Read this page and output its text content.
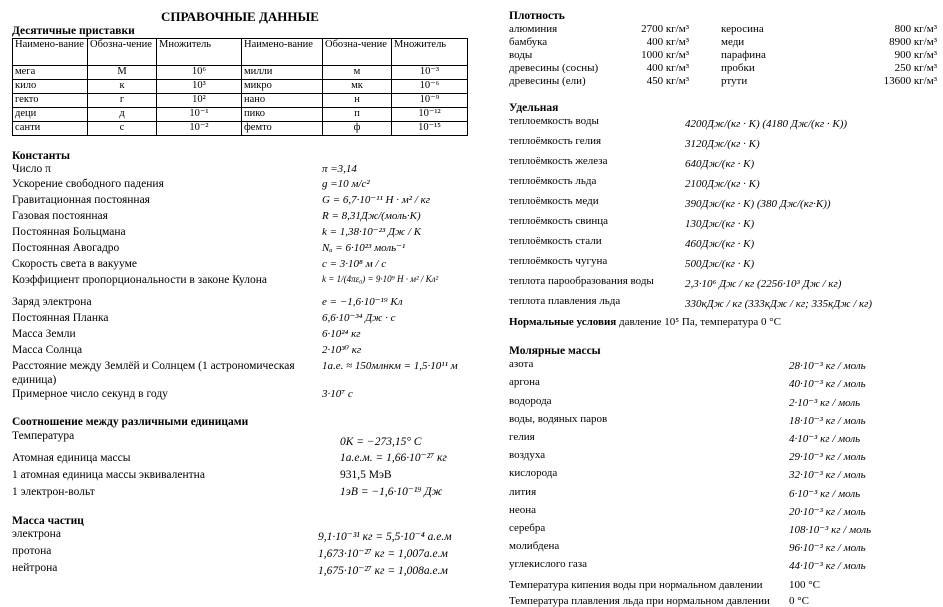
СПРАВОЧНЫЕ ДАННЫЕ
Десятичные приставки
Наимено-вание	Обозна-чение	Множитель	Наимено-вание	Обозна-чение	Множитель
мега	М	10⁶	милли	м	10⁻³
кило	к	10³	микро	мк	10⁻⁶
гекто	г	10²	нано	н	10⁻⁹
деци	д	10⁻¹	пико	п	10⁻¹²
санти	с	10⁻²	фемто	ф	10⁻¹⁵
Константы
Число π	π =3,14
Ускорение свободного падения	g =10 м/с²
Гравитационная постоянная	G = 6,7·10⁻¹¹ H · м² / кг
Газовая постоянная	R = 8,31Дж/(моль·K)
Постоянная Больцмана	k = 1,38·10⁻²³ Дж / К
Постоянная Авогадро	Nₐ = 6·10²³ моль⁻¹
Скорость света в вакууме	c = 3·10⁸ м / с
Коэффициент пропорциональности в законе Кулона	k = 1/(4πε₀) = 9·10⁹ H · м² / Кл²
Заряд электрона	e = −1,6·10⁻¹⁹ Кл
Постоянная Планка	6,6·10⁻³⁴ Дж · с
Масса Земли	6·10²⁴ кг
Масса Солнца	2·10³⁰ кг
Расстояние между Землёй и Солнцем (1 астрономическая единица)
1а.е. ≈ 150млнкм = 1,5·10¹¹ м
Примерное число секунд в году	3·10⁷ с
Соотношение между различными единицами
Температура	0K = −273,15° C
Атомная единица массы	1а.е.м. = 1,66·10⁻²⁷ кг
1 атомная единица массы эквивалентна	931,5 МэВ
1 электрон-вольт	1эВ = −1,6·10⁻¹⁹ Дж
Масса частиц
электрона	9,1·10⁻³¹ кг = 5,5·10⁻⁴ а.е.м
протона	1,673·10⁻²⁷ кг = 1,007а.е.м
нейтрона	1,675·10⁻²⁷ кг = 1,008а.е.м
Плотность
алюминия	2700 кг/м³	керосина	800 кг/м³
бамбука	400 кг/м³	меди	8900 кг/м³
воды	1000 кг/м³	парафина	900 кг/м³
древесины (сосны)	400 кг/м³	пробки	250 кг/м³
древесины (ели)	450 кг/м³	ртути	13600 кг/м³
Удельная
теплоемкость воды	4200Дж/(кг · К) (4180 Дж/(кг · К))
теплоёмкость гелия	3120Дж/(кг · К)
теплоёмкость железа	640Дж/(кг · К)
теплоёмкость льда	2100Дж/(кг · К)
теплоёмкость меди	390Дж/(кг · К) (380 Дж/(кг·К))
теплоёмкость свинца	130Дж/(кг · К)
теплоёмкость стали	460Дж/(кг · К)
теплоёмкость чугуна	500Дж/(кг · К)
теплота парообразования воды	2,3·10⁶ Дж / кг (2256·10³ Дж / кг)
теплота плавления льда	330кДж / кг (333кДж / кг; 335кДж / кг)
Нормальные условия давление 10⁵ Па, температура 0 °С
Молярные массы
азота	28·10⁻³ кг / моль
аргона	40·10⁻³ кг / моль
водорода	2·10⁻³ кг / моль
воды, водяных паров	18·10⁻³ кг / моль
гелия	4·10⁻³ кг / моль
воздуха	29·10⁻³ кг / моль
кислорода	32·10⁻³ кг / моль
лития	6·10⁻³ кг / моль
неона	20·10⁻³ кг / моль
серебра	108·10⁻³ кг / моль
молибдена	96·10⁻³ кг / моль
углекислого газа	44·10⁻³ кг / моль
Температура кипения воды при нормальном давлении	100 °С
Температура плавления льда при нормальном давлении	0 °С
